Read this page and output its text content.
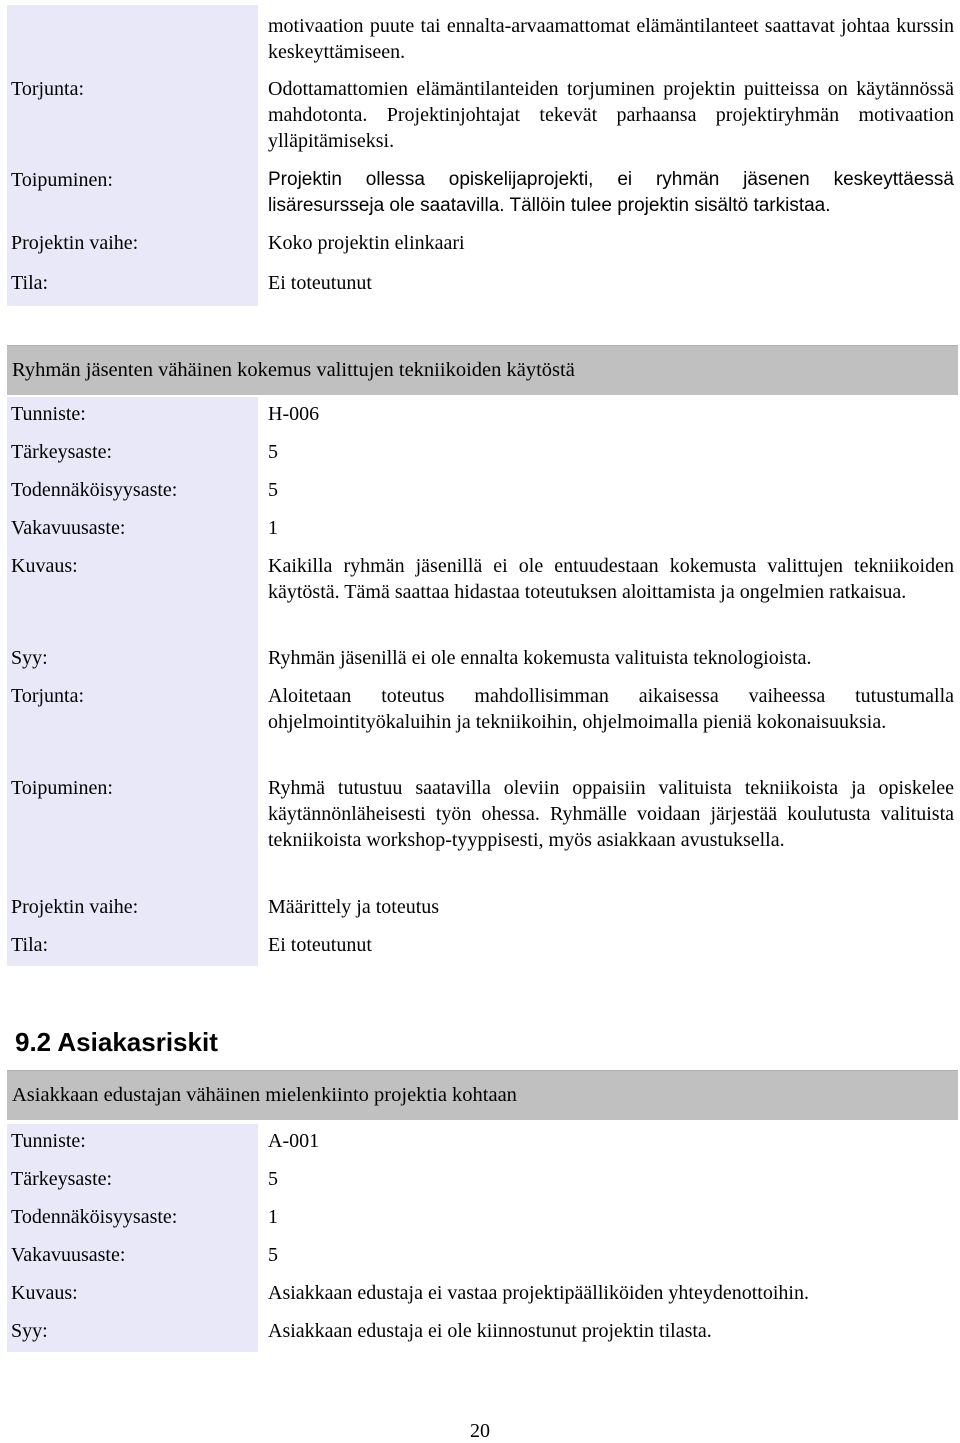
motivaation puute tai ennalta-arvaamattomat elämäntilanteet saattavat johtaa kurssin keskeyttämiseen.
Torjunta:	Odottamattomien elämäntilanteiden torjuminen projektin puitteissa on käytännössä mahdotonta. Projektinjohtajat tekevät parhaansa projektiryhmän motivaation ylläpitämiseksi.
Toipuminen:	Projektin ollessa opiskelijaprojekti, ei ryhmän jäsenen keskeyttäessä lisäresursseja ole saatavilla. Tällöin tulee projektin sisältö tarkistaa.
Projektin vaihe:	Koko projektin elinkaari
Tila:	Ei toteutunut
Ryhmän jäsenten vähäinen kokemus valittujen tekniikoiden käytöstä
Tunniste:	H-006
Tärkeysaste:	5
Todennäköisyysaste:	5
Vakavuusaste:	1
Kuvaus:	Kaikilla ryhmän jäsenillä ei ole entuudestaan kokemusta valittujen tekniikoiden käytöstä. Tämä saattaa hidastaa toteutuksen aloittamista ja ongelmien ratkaisua.
Syy:	Ryhmän jäsenillä ei ole ennalta kokemusta valituista teknologioista.
Torjunta:	Aloitetaan toteutus mahdollisimman aikaisessa vaiheessa tutustumalla ohjelmointityökaluihin ja tekniikoihin, ohjelmoimalla pieniä kokonaisuuksia.
Toipuminen:	Ryhmä tutustuu saatavilla oleviin oppaisiin valituista tekniikoista ja opiskelee käytännönläheisesti työn ohessa. Ryhmälle voidaan järjestää koulutusta valituista tekniikoista workshop-tyyppisesti, myös asiakkaan avustuksella.
Projektin vaihe:	Määrittely ja toteutus
Tila:	Ei toteutunut
9.2 Asiakasriskit
Asiakkaan edustajan vähäinen mielenkiinto projektia kohtaan
Tunniste:	A-001
Tärkeysaste:	5
Todennäköisyysaste:	1
Vakavuusaste:	5
Kuvaus:	Asiakkaan edustaja ei vastaa projektipäälliköiden yhteydenottoihin.
Syy:	Asiakkaan edustaja ei ole kiinnostunut projektin tilasta.
20
